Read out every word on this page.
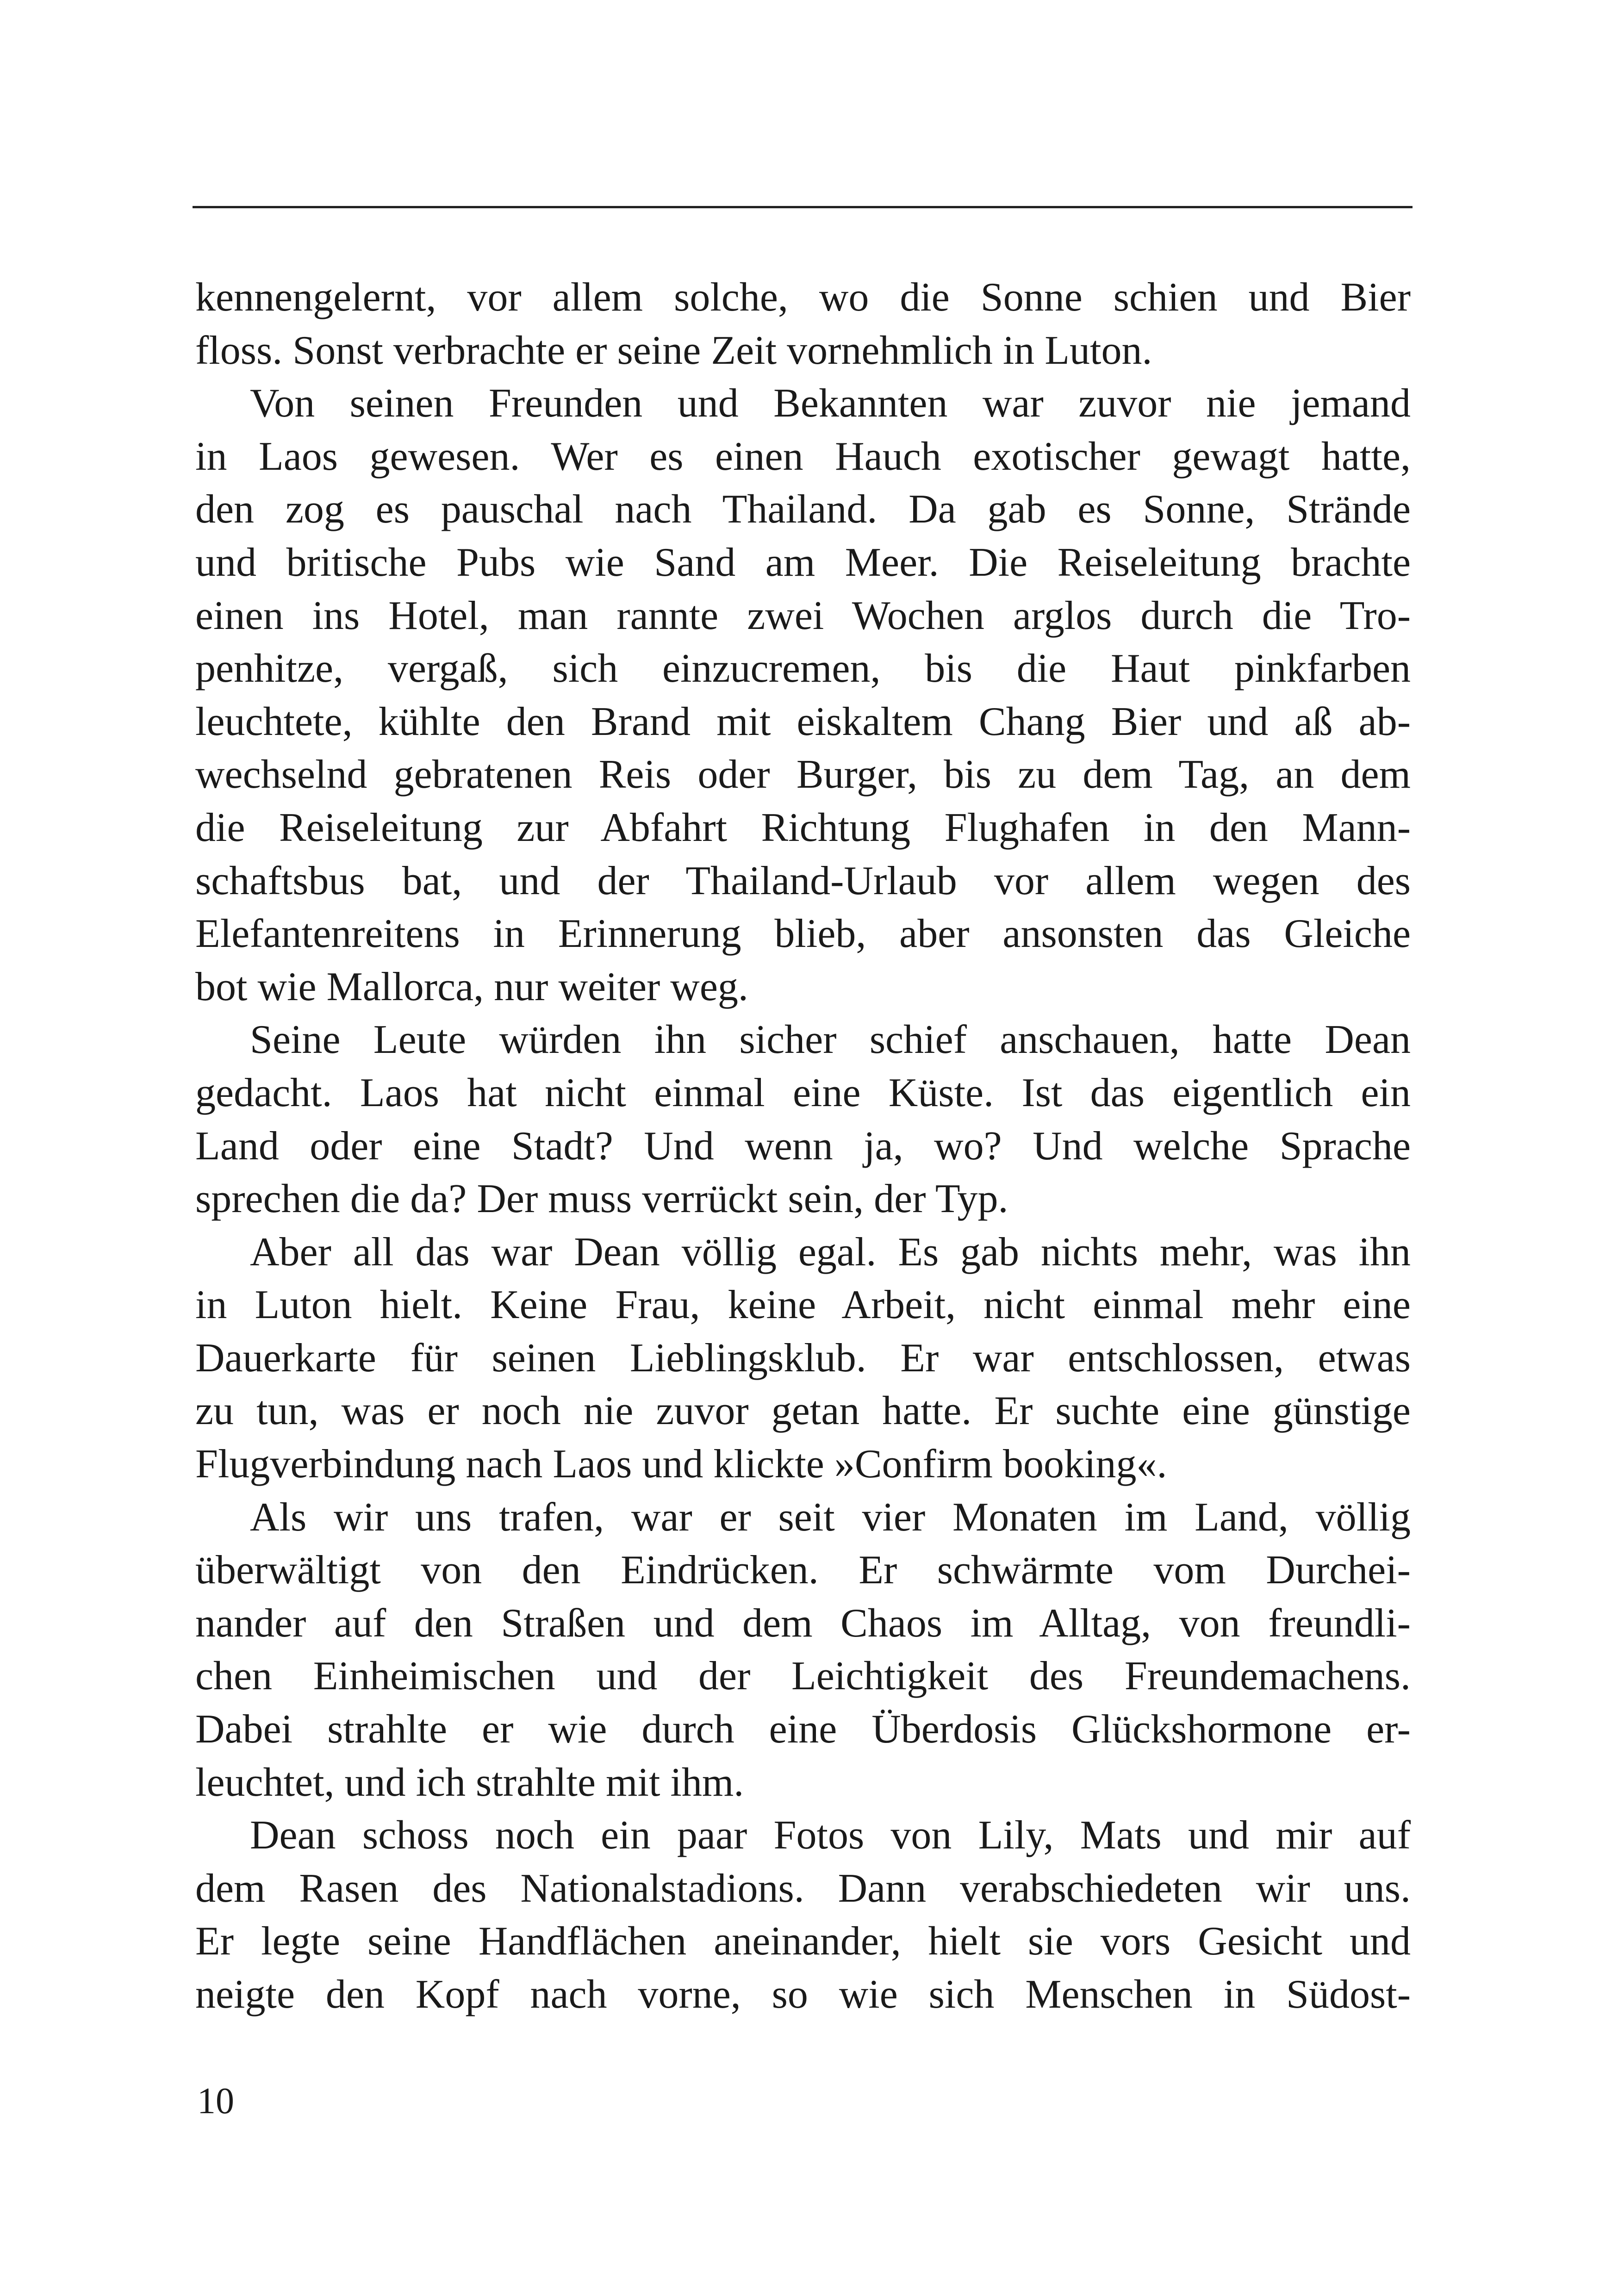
kennengelernt, vor allem solche, wo die Sonne schien und Bier
floss. Sonst verbrachte er seine Zeit vornehmlich in Luton.
Von seinen Freunden und Bekannten war zuvor nie jemand
in Laos gewesen. Wer es einen Hauch exotischer gewagt hatte,
den zog es pauschal nach Thailand. Da gab es Sonne, Strände
und britische Pubs wie Sand am Meer. Die Reiseleitung brachte
einen ins Hotel, man rannte zwei Wochen arglos durch die Tro-
penhitze, vergaß, sich einzucremen, bis die Haut pinkfarben
leuchtete, kühlte den Brand mit eiskaltem Chang Bier und aß ab-
wechselnd gebratenen Reis oder Burger, bis zu dem Tag, an dem
die Reiseleitung zur Abfahrt Richtung Flughafen in den Mann-
schaftsbus bat, und der Thailand-Urlaub vor allem wegen des
Elefantenreitens in Erinnerung blieb, aber ansonsten das Gleiche
bot wie Mallorca, nur weiter weg.
Seine Leute würden ihn sicher schief anschauen, hatte Dean
gedacht. Laos hat nicht einmal eine Küste. Ist das eigentlich ein
Land oder eine Stadt? Und wenn ja, wo? Und welche Sprache
sprechen die da? Der muss verrückt sein, der Typ.
Aber all das war Dean völlig egal. Es gab nichts mehr, was ihn
in Luton hielt. Keine Frau, keine Arbeit, nicht einmal mehr eine
Dauerkarte für seinen Lieblingsklub. Er war entschlossen, etwas
zu tun, was er noch nie zuvor getan hatte. Er suchte eine günstige
Flugverbindung nach Laos und klickte »Confirm booking«.
Als wir uns trafen, war er seit vier Monaten im Land, völlig
überwältigt von den Eindrücken. Er schwärmte vom Durchei-
nander auf den Straßen und dem Chaos im Alltag, von freundli-
chen Einheimischen und der Leichtigkeit des Freundemachens.
Dabei strahlte er wie durch eine Überdosis Glückshormone er-
leuchtet, und ich strahlte mit ihm.
Dean schoss noch ein paar Fotos von Lily, Mats und mir auf
dem Rasen des Nationalstadions. Dann verabschiedeten wir uns.
Er legte seine Handflächen aneinander, hielt sie vors Gesicht und
neigte den Kopf nach vorne, so wie sich Menschen in Südost-
10
